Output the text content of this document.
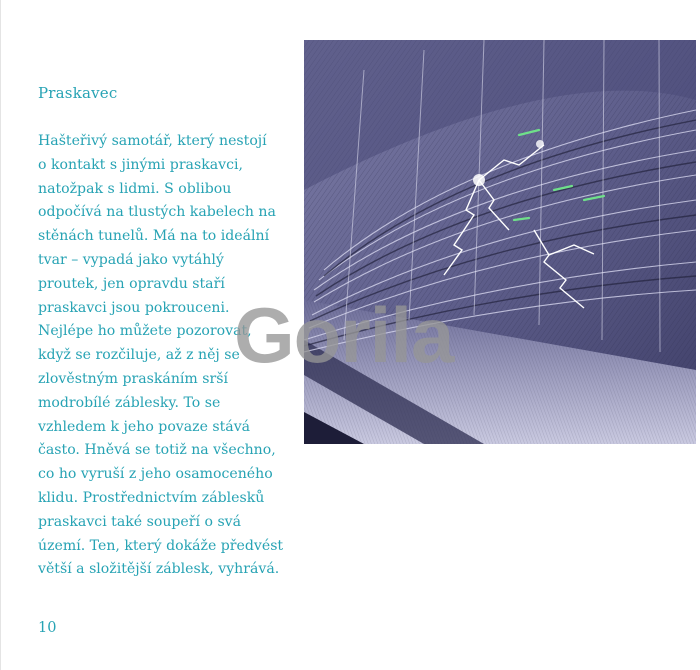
Praskavec

Hašteřivý samotář, který nestojí
o kontakt s jinými praskavci,
natožpak s lidmi. S oblibou
odpočívá na tlustých kabelech na
stěnách tunelů. Má na to ideální
tvar – vypadá jako vytáhlý
proutek, jen opravdu staří
praskavci jsou pokrouceni.
Nejlépe ho můžete pozorovat,
když se rozčiluje, až z něj se
zlověstným praskáním srší
modrobílé záblesky. To se
vzhledem k jeho povaze stává
často. Hněvá se totiž na všechno,
co ho vyruší z jeho osamoceného
klidu. Prostřednictvím záblesků
praskavci také soupeří o svá
území. Ten, který dokáže předvést
větší a složitější záblesk, vyhrává.

10
Gorila
